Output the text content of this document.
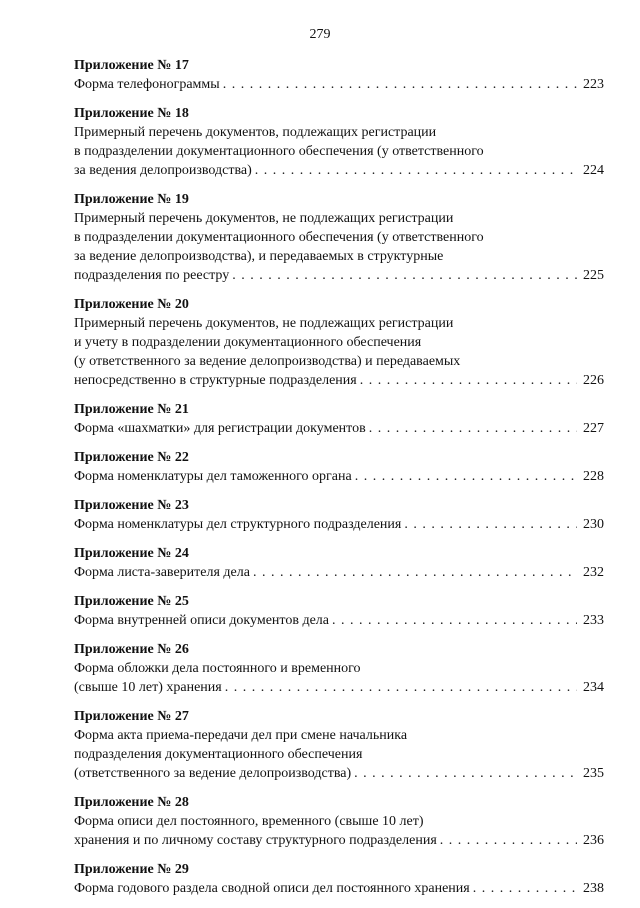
279
Приложение № 17
Форма телефонограммы . . .	223
Приложение № 18
Примерный перечень документов, подлежащих регистрации
в подразделении документационного обеспечения (у ответственного
за ведения делопроизводства) . . .	224
Приложение № 19
Примерный перечень документов, не подлежащих регистрации
в подразделении документационного обеспечения (у ответственного
за ведение делопроизводства), и передаваемых в структурные
подразделения по реестру . . .	225
Приложение № 20
Примерный перечень документов, не подлежащих регистрации
и учету в подразделении документационного обеспечения
(у ответственного за ведение делопроизводства) и передаваемых
непосредственно в структурные подразделения . . .	226
Приложение № 21
Форма «шахматки» для регистрации документов . . .	227
Приложение № 22
Форма номенклатуры дел таможенного органа . . .	228
Приложение № 23
Форма номенклатуры дел структурного подразделения . . .	230
Приложение № 24
Форма листа-заверителя дела . . .	232
Приложение № 25
Форма внутренней описи документов дела . . .	233
Приложение № 26
Форма обложки дела постоянного и временного
(свыше 10 лет) хранения . . .	234
Приложение № 27
Форма акта приема-передачи дел при смене начальника
подразделения документационного обеспечения
(ответственного за ведение делопроизводства) . . .	235
Приложение № 28
Форма описи дел постоянного, временного (свыше 10 лет)
хранения и по личному составу структурного подразделения . . .	236
Приложение № 29
Форма годового раздела сводной описи дел постоянного хранения . . .	238
